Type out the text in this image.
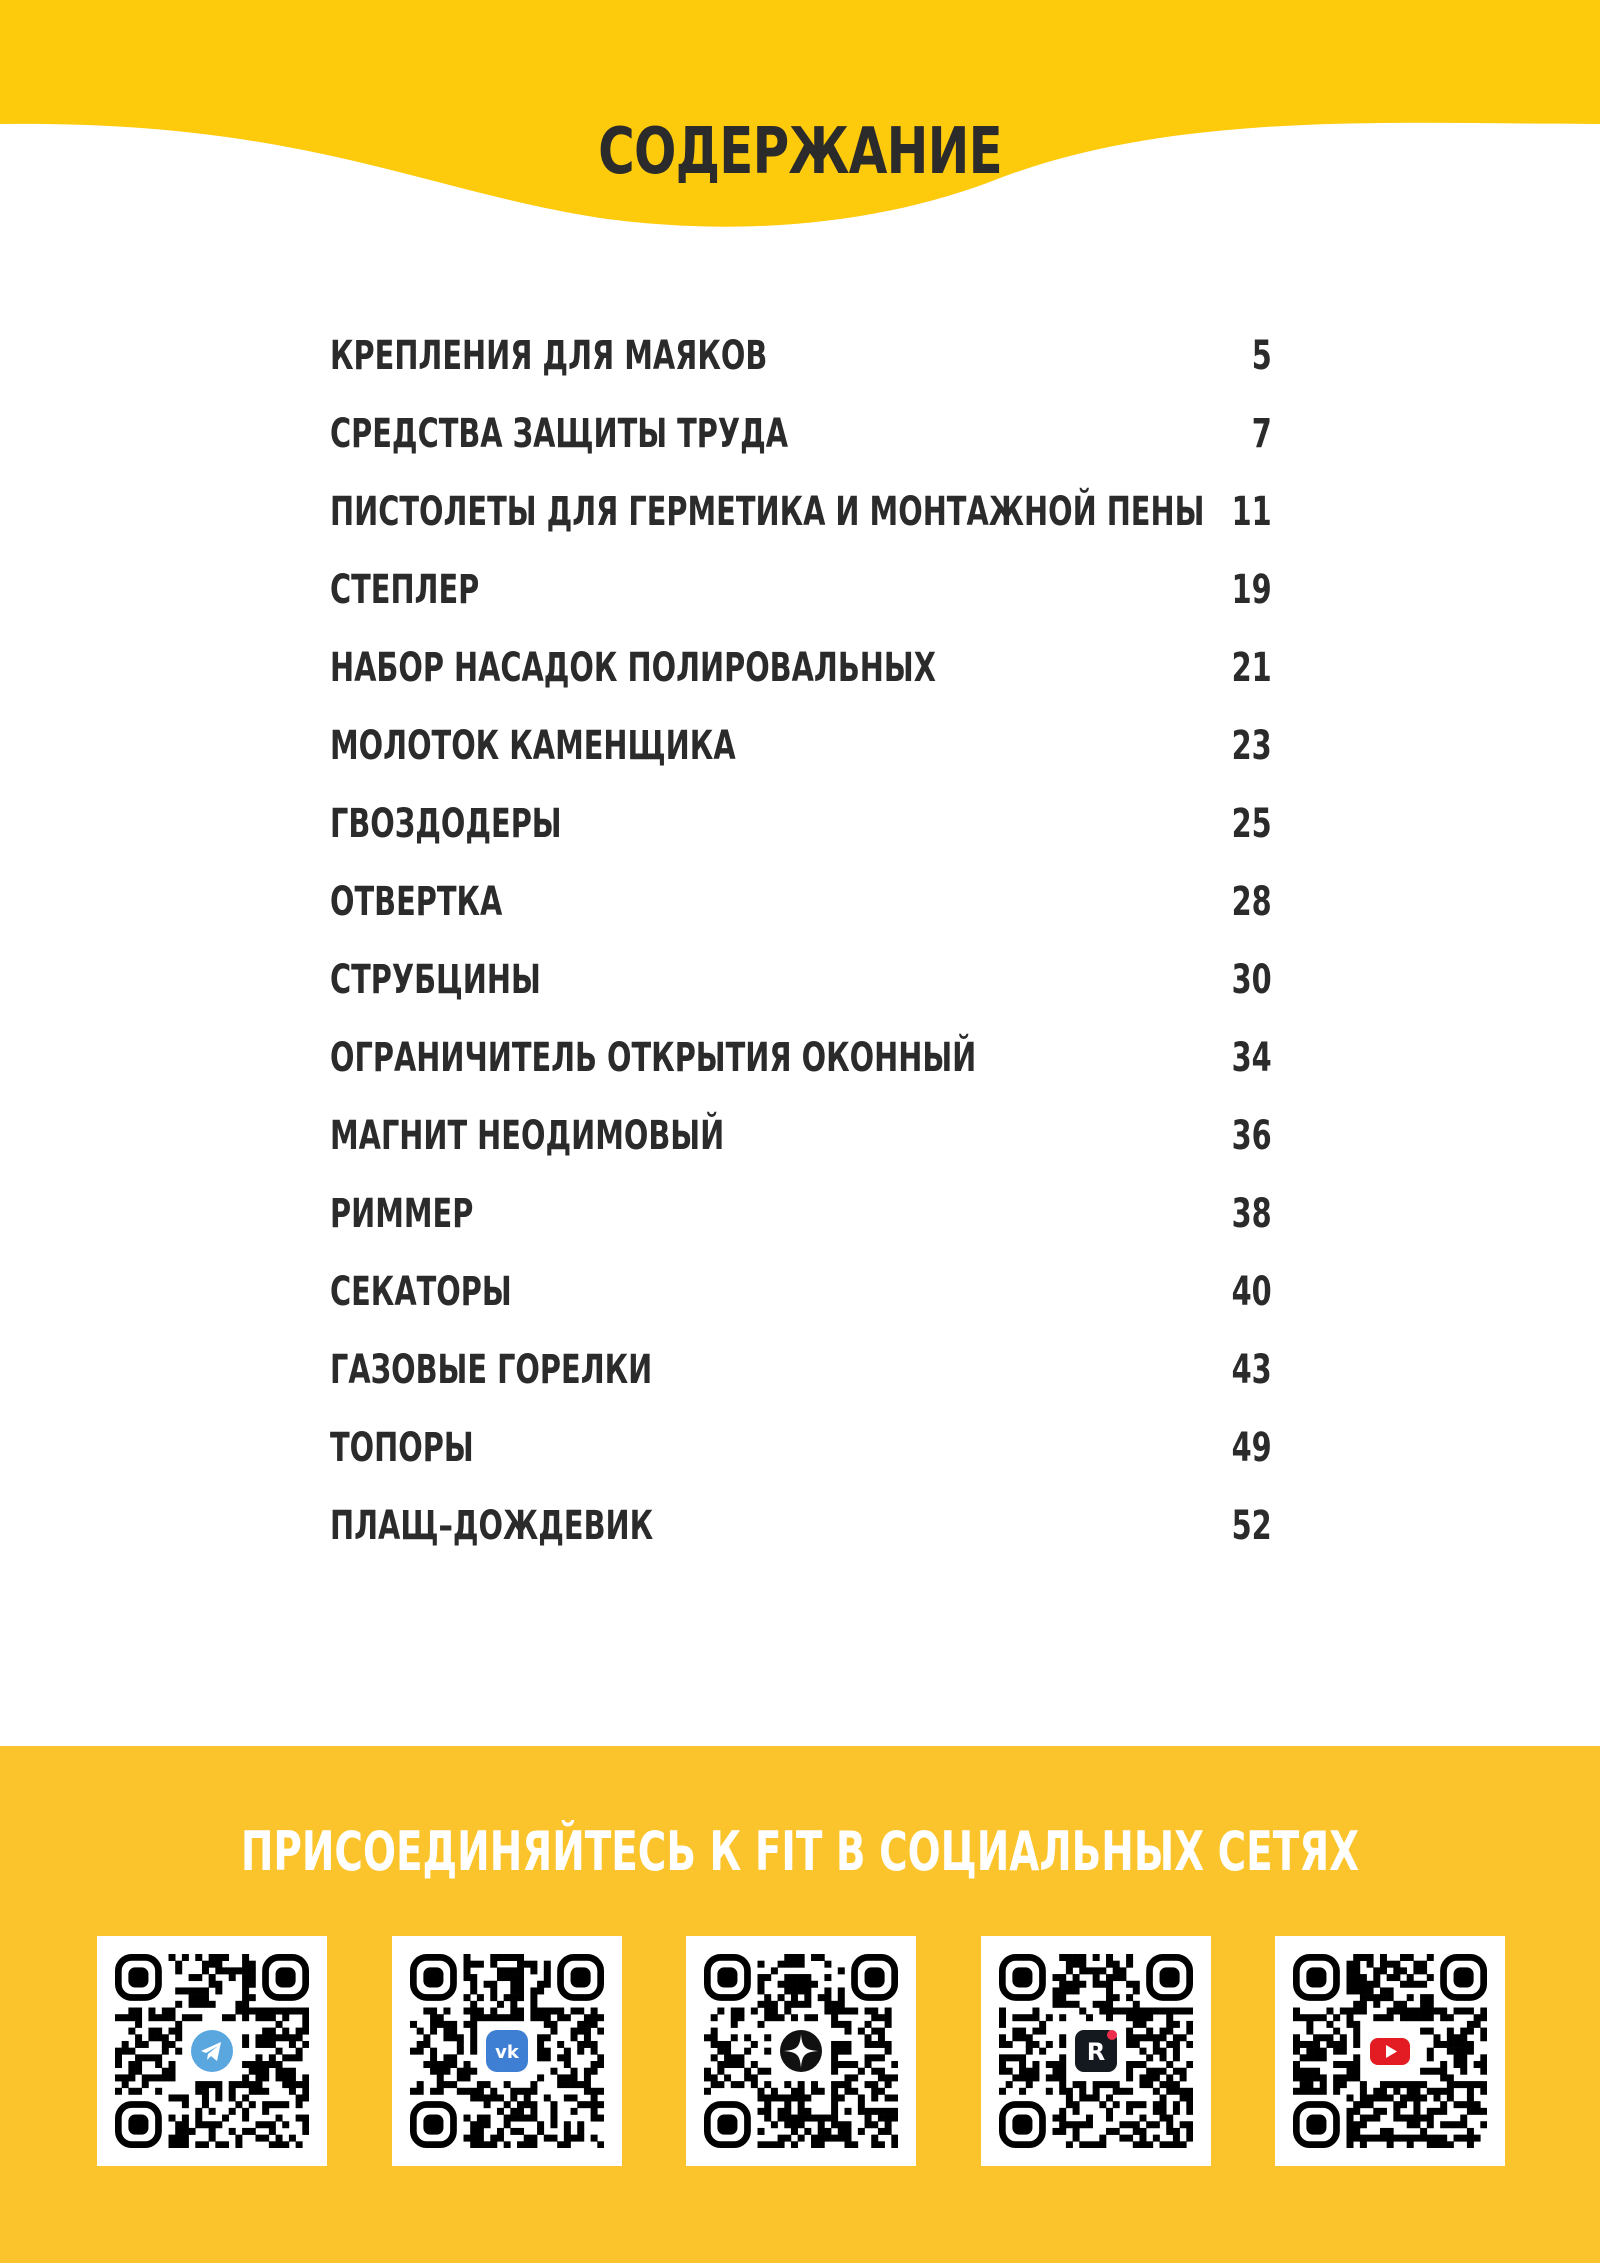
СОДЕРЖАНИЕ
КРЕПЛЕНИЯ ДЛЯ МАЯКОВ	5
СРЕДСТВА ЗАЩИТЫ ТРУДА	7
ПИСТОЛЕТЫ ДЛЯ ГЕРМЕТИКА И МОНТАЖНОЙ ПЕНЫ 11
СТЕПЛЕР	19
НАБОР НАСАДОК ПОЛИРОВАЛЬНЫХ	21
МОЛОТОК КАМЕНЩИКА	23
ГВОЗДОДЕРЫ	25
ОТВЕРТКА	28
СТРУБЦИНЫ	30
ОГРАНИЧИТЕЛЬ ОТКРЫТИЯ ОКОННЫЙ	34
МАГНИТ НЕОДИМОВЫЙ	36
РИММЕР	38
СЕКАТОРЫ	40
ГАЗОВЫЕ ГОРЕЛКИ	43
ТОПОРЫ	49
ПЛАЩ–ДОЖДЕВИК	52
ПРИСОЕДИНЯЙТЕСЬ К FIT В СОЦИАЛЬНЫХ СЕТЯХ
vk	R
